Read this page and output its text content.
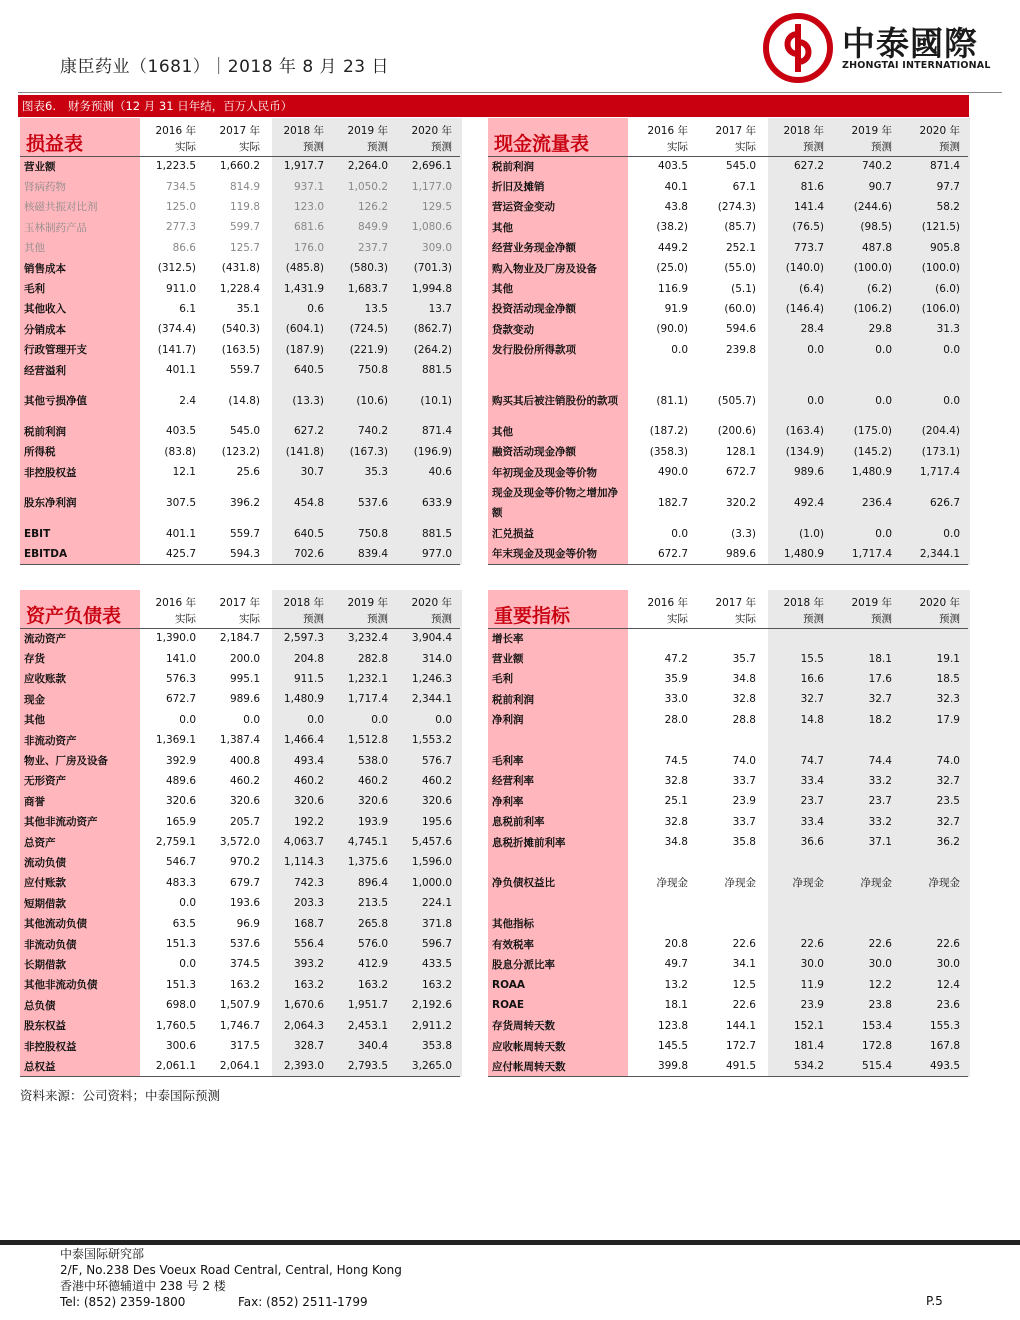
康臣药业（1681）｜2018 年 8 月 23 日
中泰國際
ZHONGTAI INTERNATIONAL
图表6. 财务预测（12 月 31 日年结，百万人民币）
损益表	2016 年	2017 年	2018 年	2019 年	2020 年
	实际	实际	预测	预测	预测
营业额	1,223.5	1,660.2	1,917.7	2,264.0	2,696.1
肾病药物	734.5	814.9	937.1	1,050.2	1,177.0
核磁共振对比剂	125.0	119.8	123.0	126.2	129.5
玉林制药产品	277.3	599.7	681.6	849.9	1,080.6
其他	86.6	125.7	176.0	237.7	309.0
销售成本	(312.5)	(431.8)	(485.8)	(580.3)	(701.3)
毛利	911.0	1,228.4	1,431.9	1,683.7	1,994.8
其他收入	6.1	35.1	0.6	13.5	13.7
分销成本	(374.4)	(540.3)	(604.1)	(724.5)	(862.7)
行政管理开支	(141.7)	(163.5)	(187.9)	(221.9)	(264.2)
经营溢利	401.1	559.7	640.5	750.8	881.5
其他亏损净值	2.4	(14.8)	(13.3)	(10.6)	(10.1)
税前利润	403.5	545.0	627.2	740.2	871.4
所得税	(83.8)	(123.2)	(141.8)	(167.3)	(196.9)
非控股权益	12.1	25.6	30.7	35.3	40.6
股东净利润	307.5	396.2	454.8	537.6	633.9
EBIT	401.1	559.7	640.5	750.8	881.5
EBITDA	425.7	594.3	702.6	839.4	977.0
现金流量表	2016 年	2017 年	2018 年	2019 年	2020 年
	实际	实际	预测	预测	预测
税前利润	403.5	545.0	627.2	740.2	871.4
折旧及摊销	40.1	67.1	81.6	90.7	97.7
营运资金变动	43.8	(274.3)	141.4	(244.6)	58.2
其他	(38.2)	(85.7)	(76.5)	(98.5)	(121.5)
经营业务现金净额	449.2	252.1	773.7	487.8	905.8
购入物业及厂房及设备	(25.0)	(55.0)	(140.0)	(100.0)	(100.0)
其他	116.9	(5.1)	(6.4)	(6.2)	(6.0)
投资活动现金净额	91.9	(60.0)	(146.4)	(106.2)	(106.0)
贷款变动	(90.0)	594.6	28.4	29.8	31.3
发行股份所得款项	0.0	239.8	0.0	0.0	0.0

购买其后被注销股份的款项	(81.1)	(505.7)	0.0	0.0	0.0
其他	(187.2)	(200.6)	(163.4)	(175.0)	(204.4)
融资活动现金净额	(358.3)	128.1	(134.9)	(145.2)	(173.1)
年初现金及现金等价物	490.0	672.7	989.6	1,480.9	1,717.4
现金及现金等价物之增加净额	182.7	320.2	492.4	236.4	626.7
汇兑损益	0.0	(3.3)	(1.0)	0.0	0.0
年末现金及现金等价物	672.7	989.6	1,480.9	1,717.4	2,344.1
资产负债表	2016 年	2017 年	2018 年	2019 年	2020 年
	实际	实际	预测	预测	预测
流动资产	1,390.0	2,184.7	2,597.3	3,232.4	3,904.4
存货	141.0	200.0	204.8	282.8	314.0
应收账款	576.3	995.1	911.5	1,232.1	1,246.3
现金	672.7	989.6	1,480.9	1,717.4	2,344.1
其他	0.0	0.0	0.0	0.0	0.0
非流动资产	1,369.1	1,387.4	1,466.4	1,512.8	1,553.2
物业、厂房及设备	392.9	400.8	493.4	538.0	576.7
无形资产	489.6	460.2	460.2	460.2	460.2
商誉	320.6	320.6	320.6	320.6	320.6
其他非流动资产	165.9	205.7	192.2	193.9	195.6
总资产	2,759.1	3,572.0	4,063.7	4,745.1	5,457.6
流动负债	546.7	970.2	1,114.3	1,375.6	1,596.0
应付账款	483.3	679.7	742.3	896.4	1,000.0
短期借款	0.0	193.6	203.3	213.5	224.1
其他流动负债	63.5	96.9	168.7	265.8	371.8
非流动负债	151.3	537.6	556.4	576.0	596.7
长期借款	0.0	374.5	393.2	412.9	433.5
其他非流动负债	151.3	163.2	163.2	163.2	163.2
总负债	698.0	1,507.9	1,670.6	1,951.7	2,192.6
股东权益	1,760.5	1,746.7	2,064.3	2,453.1	2,911.2
非控股权益	300.6	317.5	328.7	340.4	353.8
总权益	2,061.1	2,064.1	2,393.0	2,793.5	3,265.0
重要指标	2016 年	2017 年	2018 年	2019 年	2020 年
	实际	实际	预测	预测	预测
增长率					
营业额	47.2	35.7	15.5	18.1	19.1
毛利	35.9	34.8	16.6	17.6	18.5
税前利润	33.0	32.8	32.7	32.7	32.3
净利润	28.0	28.8	14.8	18.2	17.9

毛利率	74.5	74.0	74.7	74.4	74.0
经营利率	32.8	33.7	33.4	33.2	32.7
净利率	25.1	23.9	23.7	23.7	23.5
息税前利率	32.8	33.7	33.4	33.2	32.7
息税折摊前利率	34.8	35.8	36.6	37.1	36.2

净负债权益比	净现金	净现金	净现金	净现金	净现金

其他指标					
有效税率	20.8	22.6	22.6	22.6	22.6
股息分派比率	49.7	34.1	30.0	30.0	30.0
ROAA	13.2	12.5	11.9	12.2	12.4
ROAE	18.1	22.6	23.9	23.8	23.6
存货周转天数	123.8	144.1	152.1	153.4	155.3
应收帐周转天数	145.5	172.7	181.4	172.8	167.8
应付帐周转天数	399.8	491.5	534.2	515.4	493.5
资料来源：公司资料；中泰国际预测
中泰国际研究部
2/F, No.238 Des Voeux Road Central, Central, Hong Kong
香港中环德辅道中 238 号 2 楼
Tel: (852) 2359-1800	Fax: (852) 2511-1799	P.5
